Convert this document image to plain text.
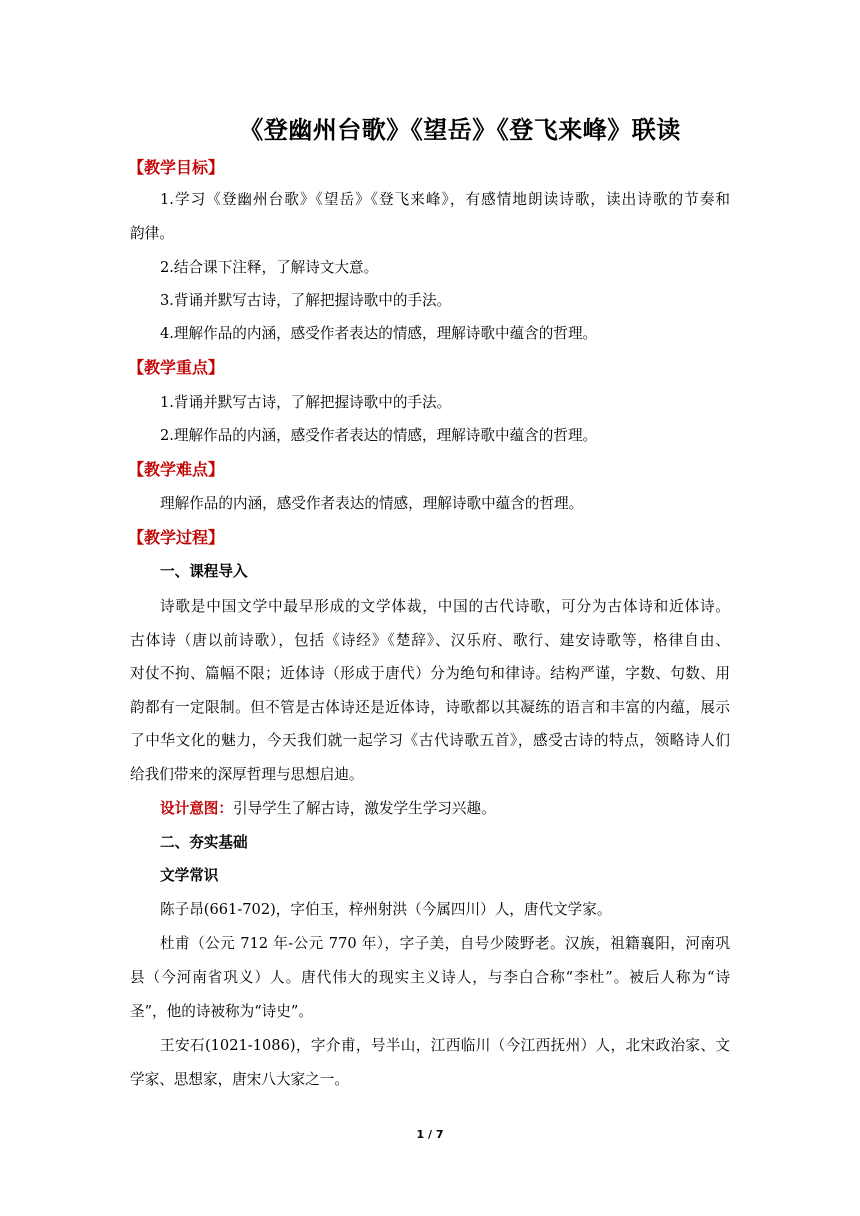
《登幽州台歌》《望岳》《登飞来峰》联读
【教学目标】
1.学习《登幽州台歌》《望岳》《登飞来峰》，有感情地朗读诗歌，读出诗歌的节奏和
韵律。
2.结合课下注释，了解诗文大意。
3.背诵并默写古诗，了解把握诗歌中的手法。
4.理解作品的内涵，感受作者表达的情感，理解诗歌中蕴含的哲理。
【教学重点】
1.背诵并默写古诗，了解把握诗歌中的手法。
2.理解作品的内涵，感受作者表达的情感，理解诗歌中蕴含的哲理。
【教学难点】
理解作品的内涵，感受作者表达的情感，理解诗歌中蕴含的哲理。
【教学过程】
一、课程导入
诗歌是中国文学中最早形成的文学体裁，中国的古代诗歌，可分为古体诗和近体诗。
古体诗（唐以前诗歌），包括《诗经》《楚辞》、汉乐府、歌行、建安诗歌等，格律自由、
对仗不拘、篇幅不限；近体诗（形成于唐代）分为绝句和律诗。结构严谨，字数、句数、用
韵都有一定限制。但不管是古体诗还是近体诗，诗歌都以其凝练的语言和丰富的内蕴，展示
了中华文化的魅力，今天我们就一起学习《古代诗歌五首》，感受古诗的特点，领略诗人们
给我们带来的深厚哲理与思想启迪。
设计意图：引导学生了解古诗，激发学生学习兴趣。
二、夯实基础
文学常识
陈子昂(661-702)，字伯玉，梓州射洪（今属四川）人，唐代文学家。
杜甫（公元 712 年-公元 770 年），字子美，自号少陵野老。汉族，祖籍襄阳，河南巩
县（今河南省巩义）人。唐代伟大的现实主义诗人，与李白合称“李杜”。被后人称为“诗
圣”，他的诗被称为“诗史”。
王安石(1021-1086)，字介甫，号半山，江西临川（今江西抚州）人，北宋政治家、文
学家、思想家，唐宋八大家之一。
1 / 7
